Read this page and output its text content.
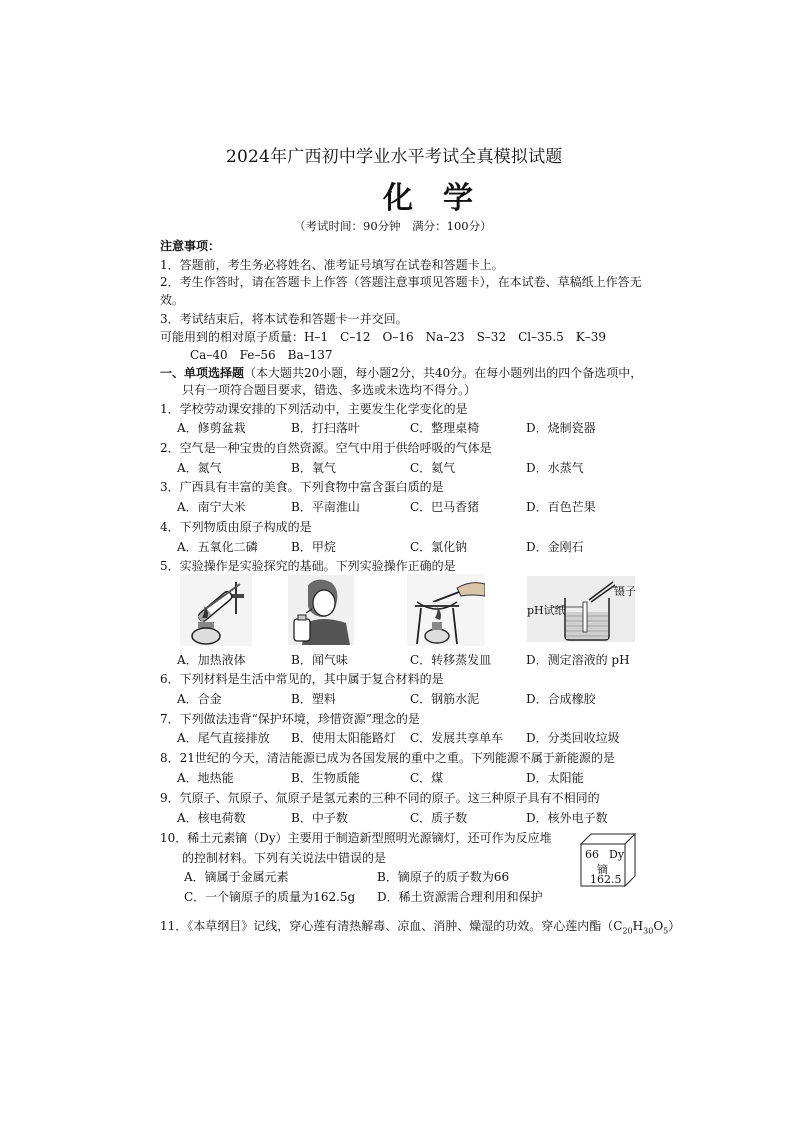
2024年广西初中学业水平考试全真模拟试题
化学
（考试时间：90分钟　满分：100分）
注意事项：
1．答题前，考生务必将姓名、准考证号填写在试卷和答题卡上。
2．考生作答时，请在答题卡上作答（答题注意事项见答题卡），在本试卷、草稿纸上作答无
效。
3．考试结束后，将本试卷和答题卡一并交回。
可能用到的相对原子质量：H–1　C–12　O–16　Na–23　S–32　Cl–35.5　K–39
Ca–40　Fe–56　Ba–137
一、单项选择题（本大题共20小题，每小题2分，共40分。在每小题列出的四个备选项中，
只有一项符合题目要求，错选、多选或未选均不得分。）
1．学校劳动课安排的下列活动中，主要发生化学变化的是
A．修剪盆栽	B．打扫落叶	C．整理桌椅	D．烧制瓷器
2．空气是一种宝贵的自然资源。空气中用于供给呼吸的气体是
A．氮气	B．氧气	C．氦气	D．水蒸气
3．广西具有丰富的美食。下列食物中富含蛋白质的是
A．南宁大米	B．平南淮山	C．巴马香猪	D．百色芒果
4．下列物质由原子构成的是
A．五氧化二磷	B．甲烷	C．氯化钠	D．金刚石
5．实验操作是实验探究的基础。下列实验操作正确的是
镊子
pH试纸
A．加热液体	B．闻气味	C．转移蒸发皿	D．测定溶液的 pH
6．下列材料是生活中常见的，其中属于复合材料的是
A．合金	B．塑料	C．钢筋水泥	D．合成橡胶
7．下列做法违背“保护环境，珍惜资源”理念的是
A．尾气直接排放 B．使用太阳能路灯 C．发展共享单车 D．分类回收垃圾
8．21世纪的今天，清洁能源已成为各国发展的重中之重。下列能源不属于新能源的是
A．地热能	B．生物质能	C．煤	D．太阳能
9．氕原子、氘原子、氚原子是氢元素的三种不同的原子。这三种原子具有不相同的
A．核电荷数	B．中子数	C．质子数	D．核外电子数
10．稀土元素镝（Dy）主要用于制造新型照明光源镝灯，还可作为反应堆
的控制材料。下列有关说法中错误的是
A．镝属于金属元素	B．镝原子的质子数为66
C．一个镝原子的质量为162.5g D．稀土资源需合理利用和保护
66 Dy
镝
162.5
11．《本草纲目》记线，穿心莲有清热解毒、凉血、消肿、燥湿的功效。穿心莲内酯$(C_{20}H_{30}O_5)$
